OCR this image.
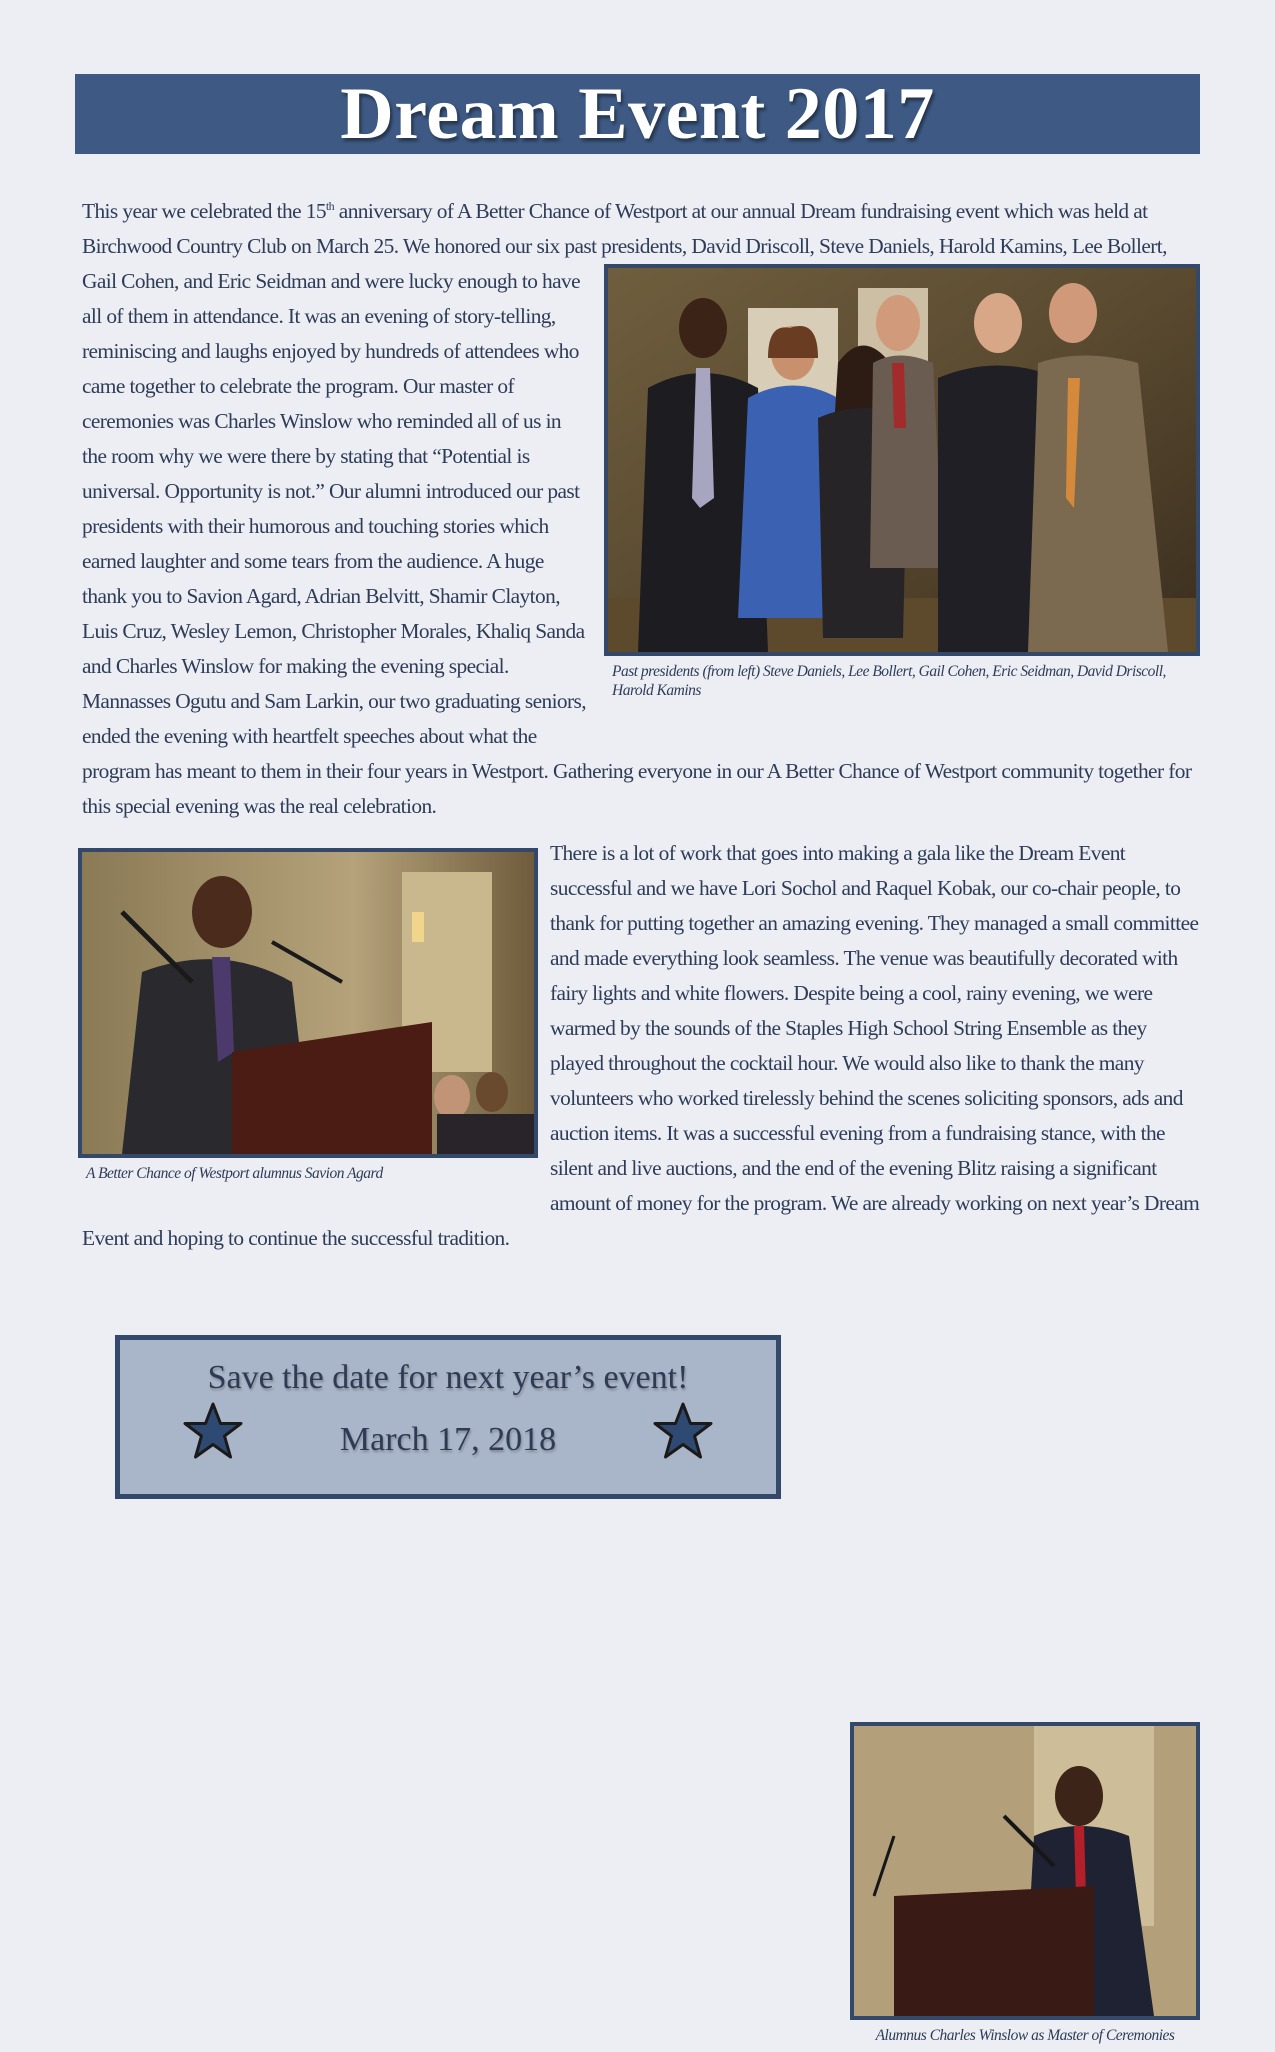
Dream Event 2017
Past presidents (from left) Steve Daniels, Lee Bollert, Gail Cohen, Eric Seidman, David Driscoll, Harold Kamins
A Better Chance of Westport alumnus Savion Agard
Alumnus Charles Winslow as Master of Ceremonies

This year we celebrated the 15th anniversary of A Better Chance of Westport at our annual Dream fundraising event which was held at Birchwood Country Club on March 25. We honored our six past presidents, David Driscoll, Steve Daniels, Harold Kamins, Lee Bollert, Gail Cohen, and Eric Seidman and were lucky enough to have all of them in attendance. It was an evening of story-telling, reminiscing and laughs enjoyed by hundreds of attendees who came together to celebrate the program. Our master of ceremonies was Charles Winslow who reminded all of us in the room why we were there by stating that “Potential is universal. Opportunity is not.” Our alumni introduced our past presidents with their humorous and touching stories which earned laughter and some tears from the audience. A huge thank you to Savion Agard, Adrian Belvitt, Shamir Clayton, Luis Cruz, Wesley Lemon, Christopher Morales, Khaliq Sanda and Charles Winslow for making the evening special. Mannasses Ogutu and Sam Larkin, our two graduating seniors, ended the evening with heartfelt speeches about what the program has meant to them in their four years in Westport. Gathering everyone in our A Better Chance of Westport community together for this special evening was the real celebration.

There is a lot of work that goes into making a gala like the Dream Event successful and we have Lori Sochol and Raquel Kobak, our co-chair people, to thank for putting together an amazing evening. They managed a small committee and made everything look seamless. The venue was beautifully decorated with fairy lights and white flowers. Despite being a cool, rainy evening, we were warmed by the sounds of the Staples High School String Ensemble as they played throughout the cocktail hour. We would also like to thank the many volunteers who worked tirelessly behind the scenes soliciting sponsors, ads and auction items. It was a successful evening from a fundraising stance, with the silent and live auctions, and the end of the evening Blitz raising a significant amount of money for the program. We are already working on next year’s Dream Event and hoping to continue the successful tradition.

Save the date for next year’s event!
March 17, 2018
